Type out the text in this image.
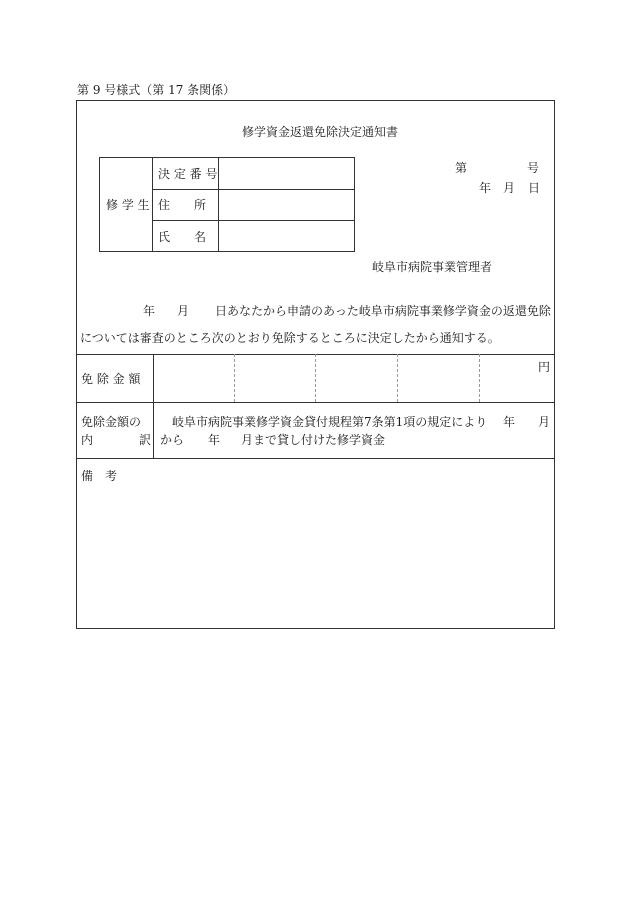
第 9 号様式（第 17 条関係）
修学資金返還免除決定通知書
第	号
年 月 日
修 学 生
決 定 番 号
住　　所
氏　　名
岐阜市病院事業管理者
年 月 日あなたから申請のあった岐阜市病院事業修学資金の返還免除
については審査のところ次のとおり免除するところに決定したから通知する。
免 除 金 額
円
免除金額の
内	訳
岐阜市病院事業修学資金貸付規程第7条第1項の規定により 年 月
から 年 月まで貸し付けた修学資金
備　考
